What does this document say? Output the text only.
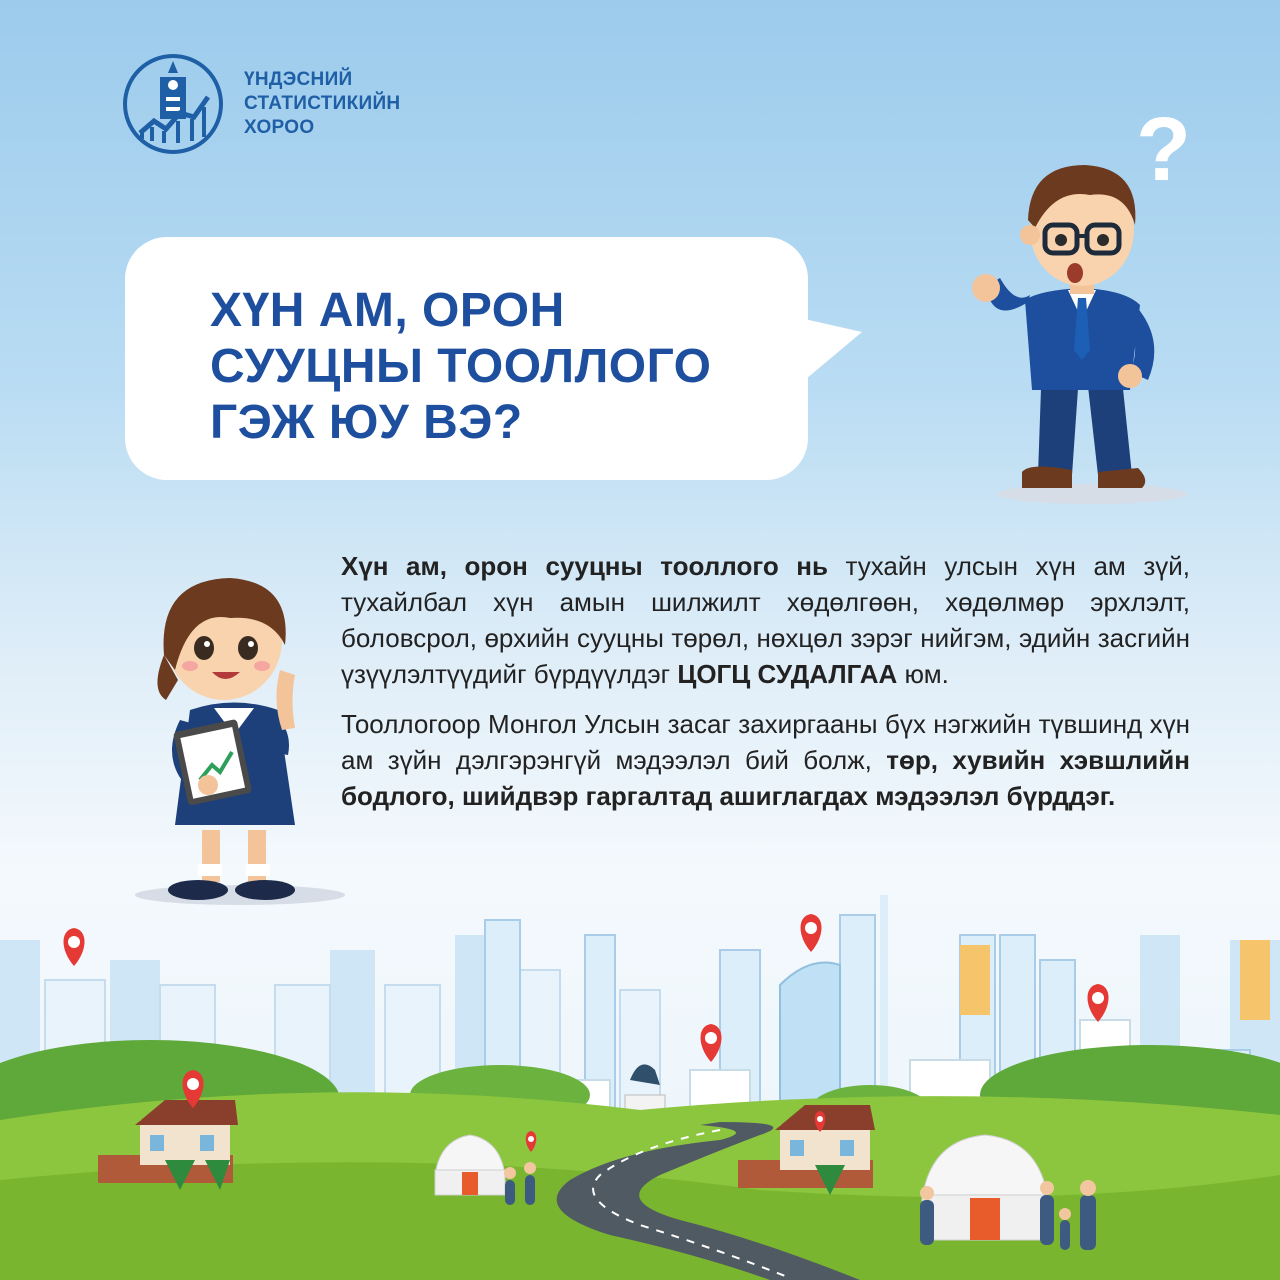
ҮНДЭСНИЙ
СТАТИСТИКИЙН
ХОРОО
ХҮН АМ, ОРОН
СУУЦНЫ ТООЛЛОГО
ГЭЖ ЮУ ВЭ?
?

Хүн ам, орон сууцны тооллого нь тухайн улсын хүн ам зүй, тухайлбал хүн амын шилжилт хөдөлгөөн, хөдөлмөр эрхлэлт, боловсрол, өрхийн сууцны төрөл, нөхцөл зэрэг нийгэм, эдийн засгийн үзүүлэлтүүдийг бүрдүүлдэг ЦОГЦ СУДАЛГАА юм.

Тооллогоор Монгол Улсын засаг захиргааны бүх нэгжийн түвшинд хүн ам зүйн дэлгэрэнгүй мэдээлэл бий болж, төр, хувийн хэвшлийн бодлого, шийдвэр гаргалтад ашиглагдах мэдээлэл бүрддэг.
